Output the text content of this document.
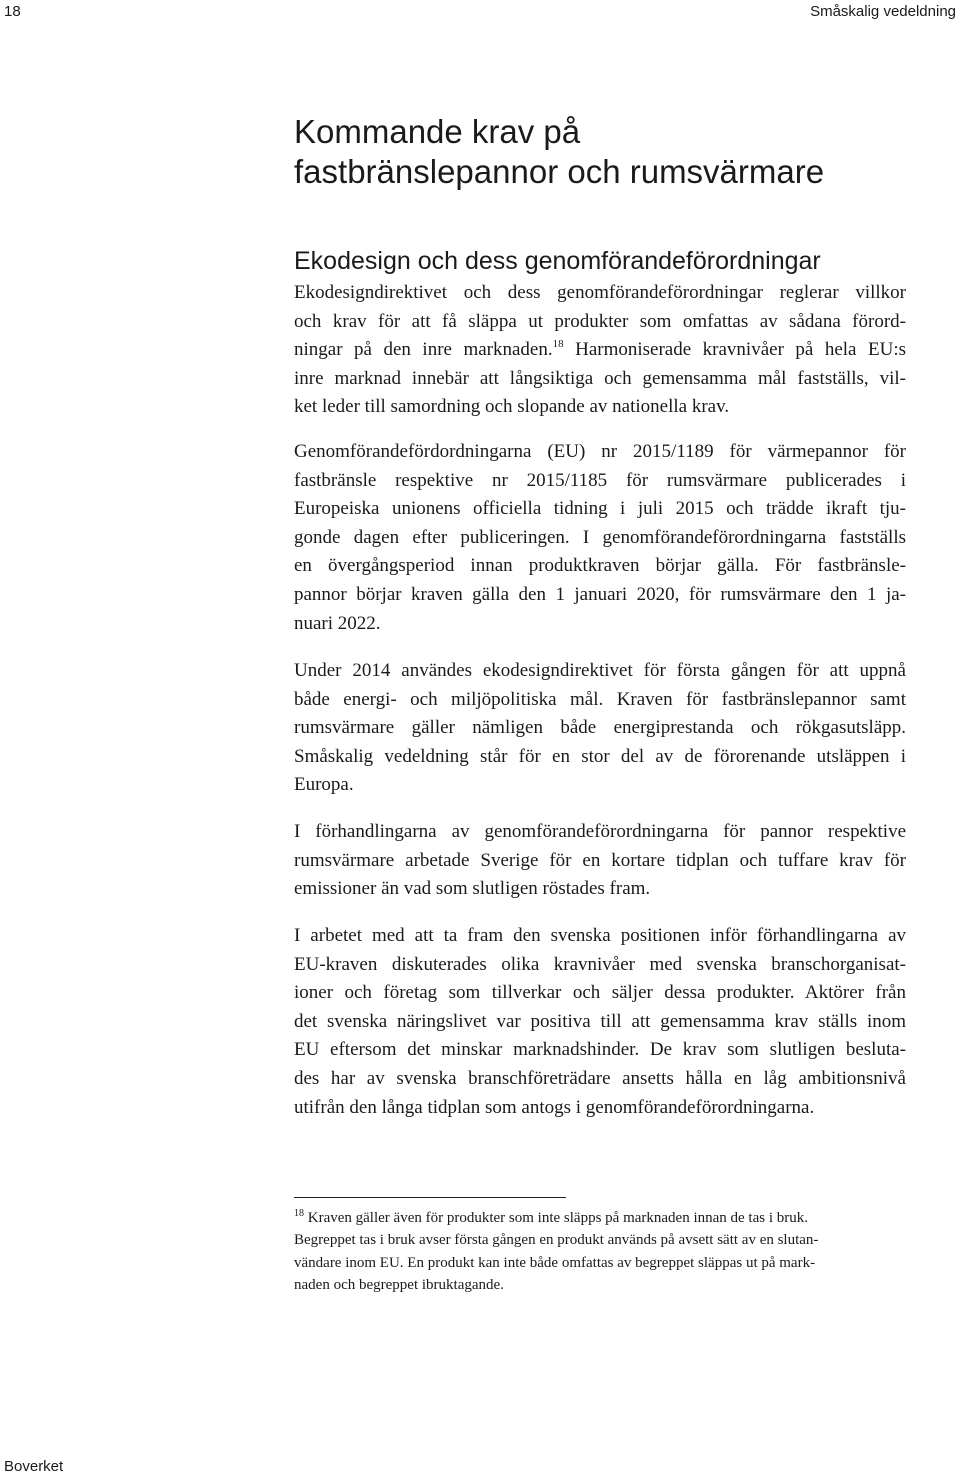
18	Småskalig vedeldning
Kommande krav på
fastbränslepannor och rumsvärmare
Ekodesign och dess genomförandeförordningar
Ekodesigndirektivet och dess genomförandeförordningar reglerar villkor
och krav för att få släppa ut produkter som omfattas av sådana förord-
ningar på den inre marknaden.$^{18}$ Harmoniserade kravnivåer på hela EU:s
inre marknad innebär att långsiktiga och gemensamma mål fastställs, vil-
ket leder till samordning och slopande av nationella krav.
Genomförandefördordningarna (EU) nr 2015/1189 för värmepannor för
fastbränsle respektive nr 2015/1185 för rumsvärmare publicerades i
Europeiska unionens officiella tidning i juli 2015 och trädde ikraft tju-
gonde dagen efter publiceringen. I genomförandeförordningarna fastställs
en övergångsperiod innan produktkraven börjar gälla. För fastbränsle-
pannor börjar kraven gälla den 1 januari 2020, för rumsvärmare den 1 ja-
nuari 2022.
Under 2014 användes ekodesigndirektivet för första gången för att uppnå
både energi- och miljöpolitiska mål. Kraven för fastbränslepannor samt
rumsvärmare gäller nämligen både energiprestanda och rökgasutsläpp.
Småskalig vedeldning står för en stor del av de förorenande utsläppen i
Europa.
I förhandlingarna av genomförandeförordningarna för pannor respektive
rumsvärmare arbetade Sverige för en kortare tidplan och tuffare krav för
emissioner än vad som slutligen röstades fram.
I arbetet med att ta fram den svenska positionen inför förhandlingarna av
EU-kraven diskuterades olika kravnivåer med svenska branschorganisat-
ioner och företag som tillverkar och säljer dessa produkter. Aktörer från
det svenska näringslivet var positiva till att gemensamma krav ställs inom
EU eftersom det minskar marknadshinder. De krav som slutligen besluta-
des har av svenska branschföreträdare ansetts hålla en låg ambitionsnivå
utifrån den långa tidplan som antogs i genomförandeförordningarna.
$^{18}$ Kraven gäller även för produkter som inte släpps på marknaden innan de tas i bruk.
Begreppet tas i bruk avser första gången en produkt används på avsett sätt av en slutan-
vändare inom EU. En produkt kan inte både omfattas av begreppet släppas ut på mark-
naden och begreppet ibruktagande.
Boverket
